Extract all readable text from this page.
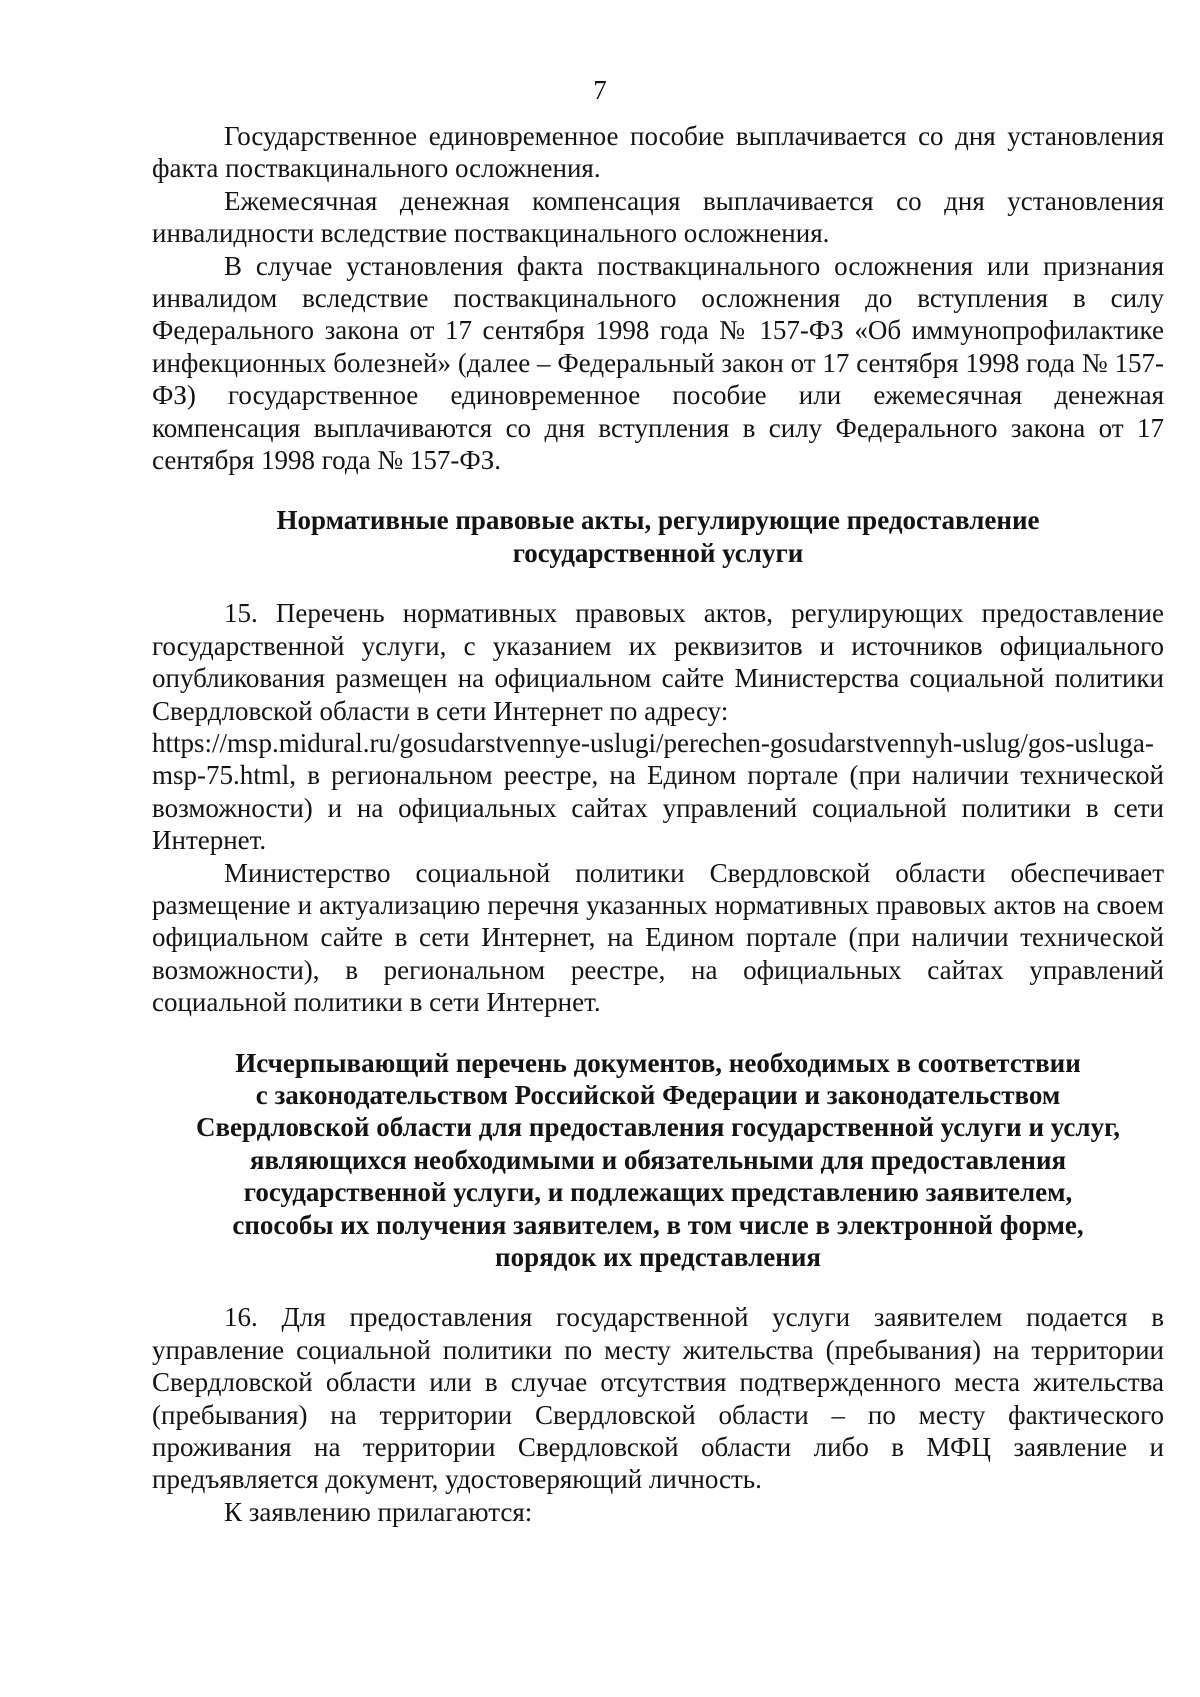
7

Государственное единовременное пособие выплачивается со дня установления факта поствакцинального осложнения.

Ежемесячная денежная компенсация выплачивается со дня установления инвалидности вследствие поствакцинального осложнения.

В случае установления факта поствакцинального осложнения или признания инвалидом вследствие поствакцинального осложнения до вступления в силу Федерального закона от 17 сентября 1998 года № 157-ФЗ «Об иммунопрофилактике инфекционных болезней» (далее – Федеральный закон от 17 сентября 1998 года № 157-ФЗ) государственное единовременное пособие или ежемесячная денежная компенсация выплачиваются со дня вступления в силу Федерального закона от 17 сентября 1998 года № 157-ФЗ.

Нормативные правовые акты, регулирующие предоставление
государственной услуги

15. Перечень нормативных правовых актов, регулирующих предоставление государственной услуги, с указанием их реквизитов и источников официального опубликования размещен на официальном сайте Министерства социальной политики Свердловской области в сети Интернет по адресу:

https://msp.midural.ru/gosudarstvennye-uslugi/perechen-gosudarstvennyh-uslug/gos-usluga-msp-75.html, в региональном реестре, на Едином портале (при наличии технической возможности) и на официальных сайтах управлений социальной политики в сети Интернет.

Министерство социальной политики Свердловской области обеспечивает размещение и актуализацию перечня указанных нормативных правовых актов на своем официальном сайте в сети Интернет, на Едином портале (при наличии технической возможности), в региональном реестре, на официальных сайтах управлений социальной политики в сети Интернет.

Исчерпывающий перечень документов, необходимых в соответствии
с законодательством Российской Федерации и законодательством
Свердловской области для предоставления государственной услуги и услуг,
являющихся необходимыми и обязательными для предоставления
государственной услуги, и подлежащих представлению заявителем,
способы их получения заявителем, в том числе в электронной форме,
порядок их представления

16. Для предоставления государственной услуги заявителем подается в управление социальной политики по месту жительства (пребывания) на территории Свердловской области или в случае отсутствия подтвержденного места жительства (пребывания) на территории Свердловской области – по месту фактического проживания на территории Свердловской области либо в МФЦ заявление и предъявляется документ, удостоверяющий личность.

К заявлению прилагаются:
